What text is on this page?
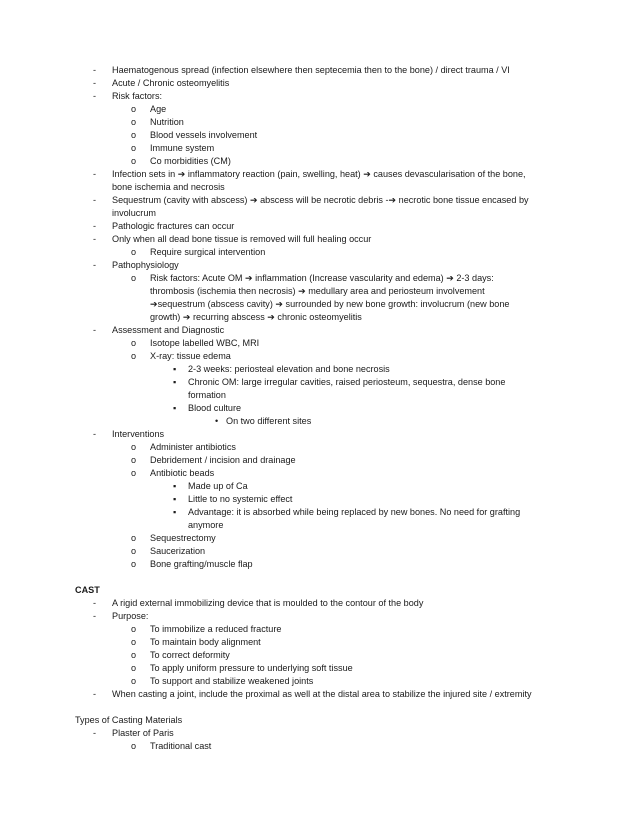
-	Haematogenous spread (infection elsewhere then septecemia then to the bone) / direct trauma / VI
-	Acute / Chronic osteomyelitis
-	Risk factors:
o	Age
o	Nutrition
o	Blood vessels involvement
o	Immune system
o	Co morbidities (CM)
-	Infection sets in ➔ inflammatory reaction (pain, swelling, heat) ➔ causes devascularisation of the bone,
bone ischemia and necrosis
-	Sequestrum (cavity with abscess) ➔ abscess will be necrotic debris -➔ necrotic bone tissue encased by
involucrum
-	Pathologic fractures can occur
-	Only when all dead bone tissue is removed will full healing occur
o	Require surgical intervention
-	Pathophysiology
o	Risk factors: Acute OM ➔ inflammation (Increase vascularity and edema) ➔ 2-3 days:
thrombosis (ischemia then necrosis) ➔ medullary area and periosteum involvement
➔sequestrum (abscess cavity) ➔ surrounded by new bone growth: involucrum (new bone
growth) ➔ recurring abscess ➔ chronic osteomyelitis
-	Assessment and Diagnostic
o	Isotope labelled WBC, MRI
o	X-ray: tissue edema
▪	2-3 weeks: periosteal elevation and bone necrosis
▪	Chronic OM: large irregular cavities, raised periosteum, sequestra, dense bone
formation
▪	Blood culture
• On two different sites
-	Interventions
o	Administer antibiotics
o	Debridement / incision and drainage
o	Antibiotic beads
▪	Made up of Ca
▪	Little to no systemic effect
▪	Advantage: it is absorbed while being replaced by new bones. No need for grafting
anymore
o	Sequestrectomy
o	Saucerization
o	Bone grafting/muscle flap
CAST
-	A rigid external immobilizing device that is moulded to the contour of the body
-	Purpose:
o	To immobilize a reduced fracture
o	To maintain body alignment
o	To correct deformity
o	To apply uniform pressure to underlying soft tissue
o	To support and stabilize weakened joints
-	When casting a joint, include the proximal as well at the distal area to stabilize the injured site / extremity
Types of Casting Materials
-	Plaster of Paris
o	Traditional cast
